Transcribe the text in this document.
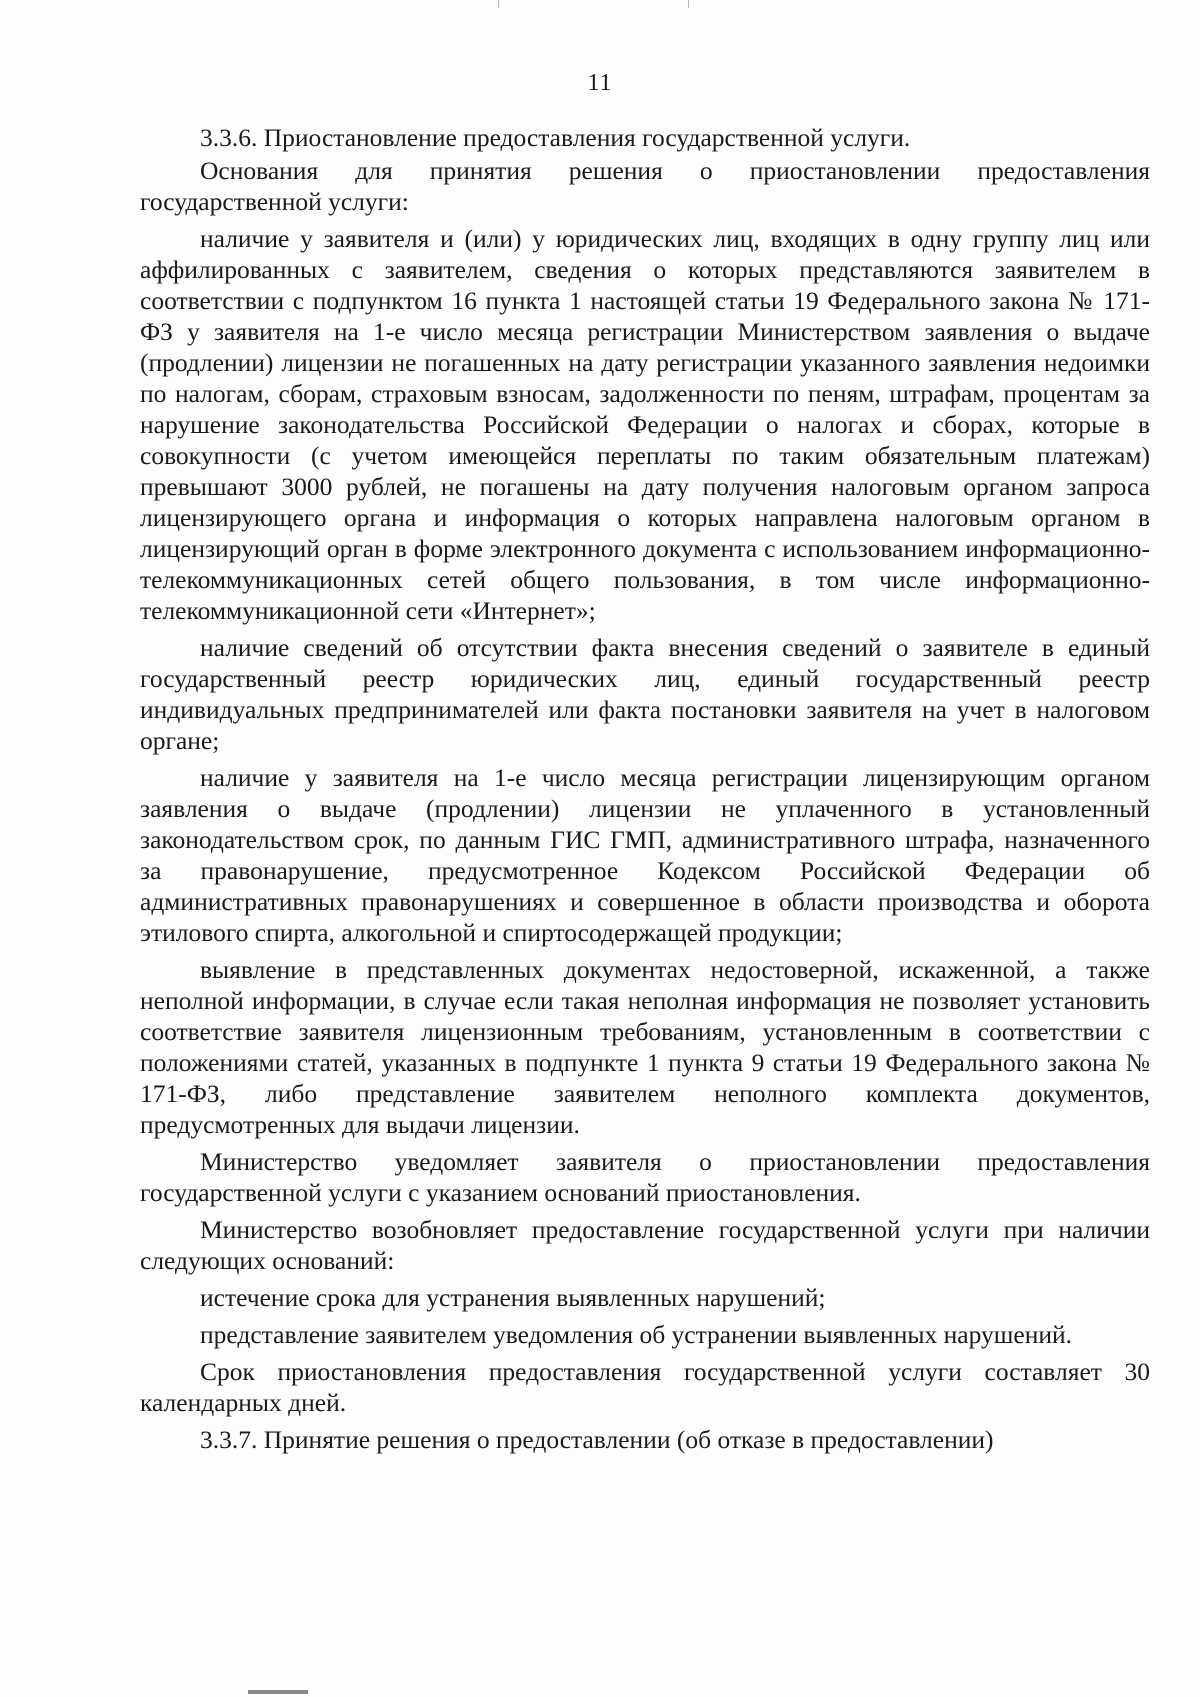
11

3.3.6. Приостановление предоставления государственной услуги.

Основания для принятия решения о приостановлении предоставления государственной услуги:

наличие у заявителя и (или) у юридических лиц, входящих в одну группу лиц или аффилированных с заявителем, сведения о которых представляются заявителем в соответствии с подпунктом 16 пункта 1 настоящей статьи 19 Федерального закона № 171-ФЗ у заявителя на 1-е число месяца регистрации Министерством заявления о выдаче (продлении) лицензии не погашенных на дату регистрации указанного заявления недоимки по налогам, сборам, страховым взносам, задолженности по пеням, штрафам, процентам за нарушение законодательства Российской Федерации о налогах и сборах, которые в совокупности (с учетом имеющейся переплаты по таким обязательным платежам) превышают 3000 рублей, не погашены на дату получения налоговым органом запроса лицензирующего органа и информация о которых направлена налоговым органом в лицензирующий орган в форме электронного документа с использованием информационно-телекоммуникационных сетей общего пользования, в том числе информационно-телекоммуникационной сети «Интернет»;

наличие сведений об отсутствии факта внесения сведений о заявителе в единый государственный реестр юридических лиц, единый государственный реестр индивидуальных предпринимателей или факта постановки заявителя на учет в налоговом органе;

наличие у заявителя на 1-е число месяца регистрации лицензирующим органом заявления о выдаче (продлении) лицензии не уплаченного в установленный законодательством срок, по данным ГИС ГМП, административного штрафа, назначенного за правонарушение, предусмотренное Кодексом Российской Федерации об административных правонарушениях и совершенное в области производства и оборота этилового спирта, алкогольной и спиртосодержащей продукции;

выявление в представленных документах недостоверной, искаженной, а также неполной информации, в случае если такая неполная информация не позволяет установить соответствие заявителя лицензионным требованиям, установленным в соответствии с положениями статей, указанных в подпункте 1 пункта 9 статьи 19 Федерального закона № 171-ФЗ, либо представление заявителем неполного комплекта документов, предусмотренных для выдачи лицензии.

Министерство уведомляет заявителя о приостановлении предоставления государственной услуги с указанием оснований приостановления.

Министерство возобновляет предоставление государственной услуги при наличии следующих оснований:

истечение срока для устранения выявленных нарушений;

представление заявителем уведомления об устранении выявленных нарушений.

Срок приостановления предоставления государственной услуги составляет 30 календарных дней.

3.3.7. Принятие решения о предоставлении (об отказе в предоставлении)
